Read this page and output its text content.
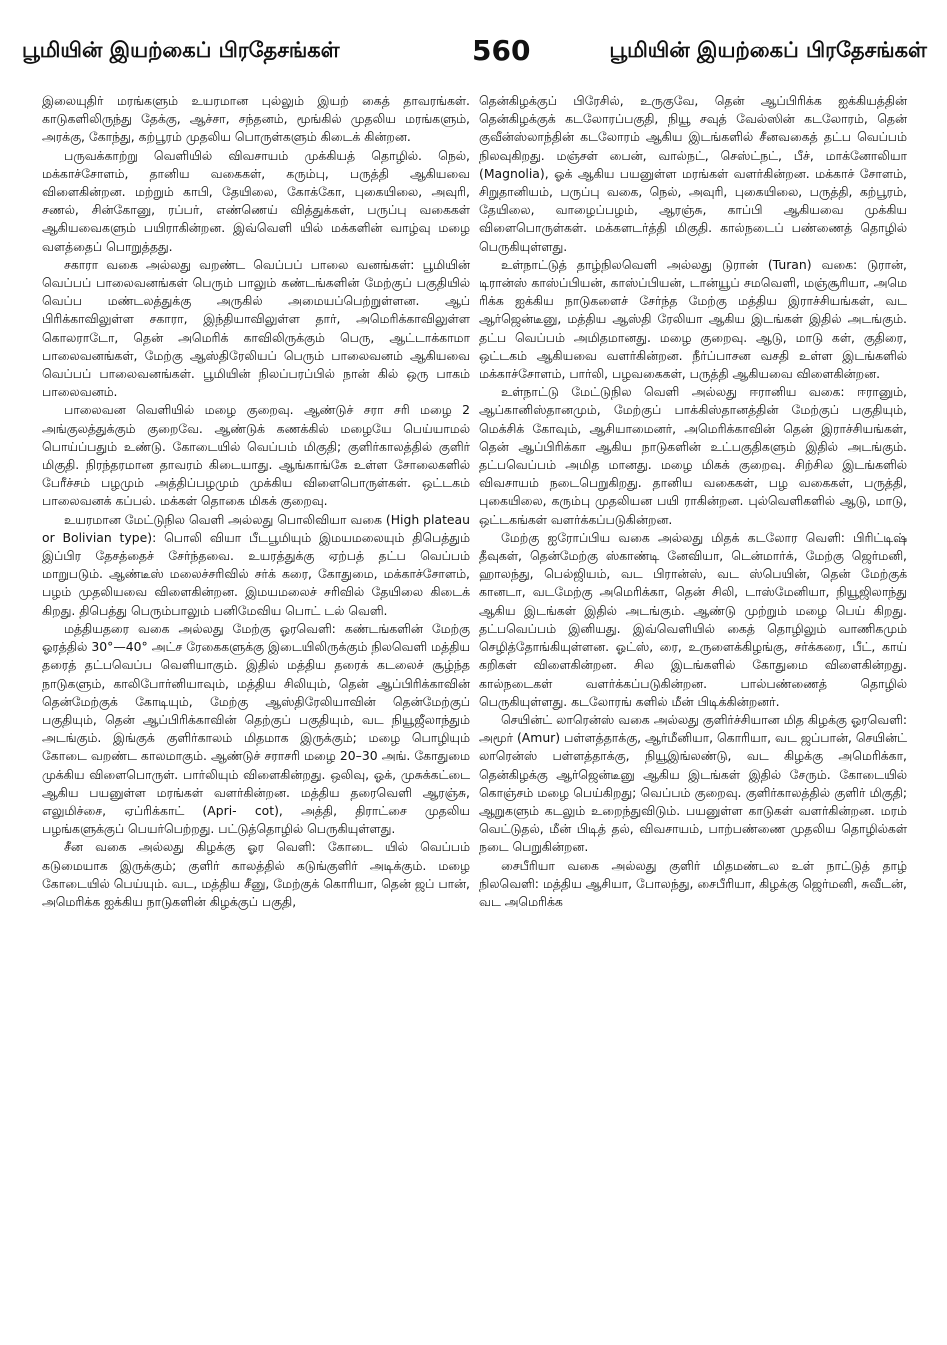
பூமியின் இயற்கைப் பிரதேசங்கள்	560	பூமியின் இயற்கைப் பிரதேசங்கள்

இலையுதிர் மரங்களும் உயரமான புல்லும் இயற் கைத் தாவரங்கள். காடுகளிலிருந்து தேக்கு, ஆச்சா, சந்தனம், மூங்கில் முதலிய மரங்களும், அரக்கு, கோந்து, கற்பூரம் முதலிய பொருள்களும் கிடைக் கின்றன.

பருவக்காற்று வெளியில் விவசாயம் முக்கியத் தொழில். நெல், மக்காச்சோளம், தானிய வகைகள், கரும்பு, பருத்தி ஆகியவை விளைகின்றன. மற்றும் காபி, தேயிலை, கோக்கோ, புகையிலை, அவுரி, சணல், சின்கோனு, ரப்பர், எண்ணெய் வித்துக்கள், பருப்பு வகைகள் ஆகியவைகளும் பயிராகின்றன. இவ்வெளி யில் மக்களின் வாழ்வு மழை வளத்தைப் பொறுத்தது.

சகாரா வகை அல்லது வறண்ட வெப்பப் பாலை வனங்கள்: பூமியின் வெப்பப் பாலைவனங்கள் பெரும் பாலும் கண்டங்களின் மேற்குப் பகுதியில் வெப்ப மண்டலத்துக்கு அருகில் அமையப்பெற்றுள்ளன. ஆப் பிரிக்காவிலுள்ள சகாரா, இந்தியாவிலுள்ள தார், அமெரிக்காவிலுள்ள கொலராடோ, தென் அமெரிக் காவிலிருக்கும் பெரு, ஆட்டாக்காமா பாலைவனங்கள், மேற்கு ஆஸ்திரேலியப் பெரும் பாலைவனம் ஆகியவை வெப்பப் பாலைவனங்கள். பூமியின் நிலப்பரப்பில் நான் கில் ஒரு பாகம் பாலைவனம்.

பாலைவன வெளியில் மழை குறைவு. ஆண்டுச் சரா சரி மழை 2 அங்குலத்துக்கும் குறைவே. ஆண்டுக் கணக்கில் மழையே பெய்யாமல் பொய்ப்பதும் உண்டு. கோடையில் வெப்பம் மிகுதி; குளிர்காலத்தில் குளிர் மிகுதி. நிரந்தரமான தாவரம் கிடையாது. ஆங்காங்கே உள்ள சோலைகளில் பேரீச்சம் பழமும் அத்திப்பழமும் முக்கிய விளைபொருள்கள். ஒட்டகம் பாலைவனக் கப்பல். மக்கள் தொகை மிகக் குறைவு.

உயரமான மேட்டுநில வெளி அல்லது பொலிவியா வகை (High plateau or Bolivian type): பொலி வியா பீடபூமியும் இமயமலையும் திபெத்தும் இப்பிர தேசத்தைச் சேர்ந்தவை. உயரத்துக்கு ஏற்பத் தட்ப வெப்பம் மாறுபடும். ஆண்டீஸ் மலைச்சரிவில் சர்க் கரை, கோதுமை, மக்காச்சோளம், பழம் முதலியவை விளைகின்றன. இமயமலைச் சரிவில் தேயிலை கிடைக் கிறது. திபெத்து பெரும்பாலும் பனிமேவிய பொட் டல் வெளி.

மத்தியதரை வகை அல்லது மேற்கு ஓரவெளி: கண்டங்களின் மேற்கு ஓரத்தில் 30°—40° அட்ச ரேகைகளுக்கு இடையிலிருக்கும் நிலவெளி மத்திய தரைத் தட்பவெப்ப வெளியாகும். இதில் மத்திய தரைக் கடலைச் சூழ்ந்த நாடுகளும், காலிபோர்னியாவும், மத்திய சிலியும், தென் ஆப்பிரிக்காவின் தென்மேற்குக் கோடியும், மேற்கு ஆஸ்திரேலியாவின் தென்மேற்குப் பகுதியும், தென் ஆப்பிரிக்காவின் தெற்குப் பகுதியும், வட நியூஜீலாந்தும் அடங்கும். இங்குக் குளிர்காலம் மிதமாக இருக்கும்; மழை பொழியும் கோடை வறண்ட காலமாகும். ஆண்டுச் சராசரி மழை 20–30 அங். கோதுமை முக்கிய விளைபொருள். பார்லியும் விளைகின்றது. ஒலிவு, ஓக், முசுக்கட்டை ஆகிய பயனுள்ள மரங்கள் வளர்கின்றன. மத்திய தரைவெளி ஆரஞ்சு, எலுமிச்சை, ஏப்ரிக்காட் (Apri- cot), அத்தி, திராட்சை முதலிய பழங்களுக்குப் பெயர்பெற்றது. பட்டுத்தொழில் பெருகியுள்ளது.

சீன வகை அல்லது கிழக்கு ஓர வெளி: கோடை யில் வெப்பம் கடுமையாக இருக்கும்; குளிர் காலத்தில் கடுங்குளிர் அடிக்கும். மழை கோடையில் பெய்யும். வட, மத்திய சீனு, மேற்குக் கொரியா, தென் ஜப் பான், அமெரிக்க ஐக்கிய நாடுகளின் கிழக்குப் பகுதி,

தென்கிழக்குப் பிரேசில், உருகுவே, தென் ஆப்பிரிக்க ஐக்கியத்தின் தென்கிழக்குக் கடலோரப்பகுதி, நியூ சவுத் வேல்ஸின் கடலோரம், தென் குவீன்ஸ்லாந்தின் கடலோரம் ஆகிய இடங்களில் சீனவகைத் தட்ப வெப்பம் நிலவுகிறது. மஞ்சள் பைன், வால்நட், செஸ்ட்நட், பீச், மாக்னோலியா (Magnolia), ஓக் ஆகிய பயனுள்ள மரங்கள் வளர்கின்றன. மக்காச் சோளம், சிறுதானியம், பருப்பு வகை, நெல், அவுரி, புகையிலை, பருத்தி, கற்பூரம், தேயிலை, வாழைப்பழம், ஆரஞ்சு, காப்பி ஆகியவை முக்கிய விளைபொருள்கள். மக்களடர்த்தி மிகுதி. கால்நடைப் பண்ணைத் தொழில் பெருகியுள்ளது.

உள்நாட்டுத் தாழ்நிலவெளி அல்லது டுரான் (Turan) வகை: டுரான், டிரான்ஸ் காஸ்ப்பியன், காஸ்ப்பியன், டான்யூப் சமவெளி, மஞ்சூரியா, அமெ ரிக்க ஐக்கிய நாடுகளைச் சேர்ந்த மேற்கு மத்திய இராச்சியங்கள், வட ஆர்ஜென்டீனு, மத்திய ஆஸ்தி ரேலியா ஆகிய இடங்கள் இதில் அடங்கும். தட்ப வெப்பம் அமிதமானது. மழை குறைவு. ஆடு, மாடு கள், குதிரை, ஒட்டகம் ஆகியவை வளர்கின்றன. நீர்ப்பாசன வசதி உள்ள இடங்களில் மக்காச்சோளம், பார்லி, பழவகைகள், பருத்தி ஆகியவை விளைகின்றன.

உள்நாட்டு மேட்டுநில வெளி அல்லது ஈரானிய வகை: ஈரானும், ஆப்கானிஸ்தானமும், மேற்குப் பாக்கிஸ்தானத்தின் மேற்குப் பகுதியும், மெக்சிக் கோவும், ஆசியாமைனர், அமெரிக்காவின் தென் இராச்சியங்கள், தென் ஆப்பிரிக்கா ஆகிய நாடுகளின் உட்பகுதிகளும் இதில் அடங்கும். தட்பவெப்பம் அமித மானது. மழை மிகக் குறைவு. சிற்சில இடங்களில் விவசாயம் நடைபெறுகிறது. தானிய வகைகள், பழ வகைகள், பருத்தி, புகையிலை, கரும்பு முதலியன பயி ராகின்றன. புல்வெளிகளில் ஆடு, மாடு, ஒட்டகங்கள் வளர்க்கப்படுகின்றன.

மேற்கு ஐரோப்பிய வகை அல்லது மிதக் கடலோர வெளி: பிரிட்டிஷ் தீவுகள், தென்மேற்கு ஸ்காண்டி னேவியா, டென்மார்க், மேற்கு ஜெர்மனி, ஹாலந்து, பெல்ஜியம், வட பிரான்ஸ், வட ஸ்பெயின், தென் மேற்குக் கானடா, வடமேற்கு அமெரிக்கா, தென் சிலி, டாஸ்மேனியா, நியூஜிலாந்து ஆகிய இடங்கள் இதில் அடங்கும். ஆண்டு முற்றும் மழை பெய் கிறது. தட்பவெப்பம் இனியது. இவ்வெளியில் கைத் தொழிலும் வாணிகமும் செழித்தோங்கியுள்ளன. ஓட்ஸ், ரை, உருளைக்கிழங்கு, சர்க்கரை, பீட், காய் கறிகள் விளைகின்றன. சில இடங்களில் கோதுமை விளைகின்றது. கால்நடைகள் வளர்க்கப்படுகின்றன. பால்பண்ணைத் தொழில் பெருகியுள்ளது. கடலோரங் களில் மீன் பிடிக்கின்றனர்.

செயின்ட் லாரென்ஸ் வகை அல்லது குளிர்ச்சியான மித கிழக்கு ஓரவெளி: அமூர் (Amur) பள்ளத்தாக்கு, ஆர்மீனியா, கொரியா, வட ஜப்பான், செயின்ட் லாரென்ஸ் பள்ளத்தாக்கு, நியூஇங்லண்டு, வட கிழக்கு அமெரிக்கா, தென்கிழக்கு ஆர்ஜென்டீனு ஆகிய இடங்கள் இதில் சேரும். கோடையில் கொஞ்சம் மழை பெய்கிறது; வெப்பம் குறைவு. குளிர்காலத்தில் குளிர் மிகுதி; ஆறுகளும் கடலும் உறைந்துவிடும். பயனுள்ள காடுகள் வளர்கின்றன. மரம் வெட்டுதல், மீன் பிடித் தல், விவசாயம், பாற்பண்ணை முதலிய தொழில்கள் நடை பெறுகின்றன.

சைபீரியா வகை அல்லது குளிர் மிதமண்டல உள் நாட்டுத் தாழ் நிலவெளி: மத்திய ஆசியா, போலந்து, சைபீரியா, கிழக்கு ஜெர்மனி, சுவீடன், வட அமெரிக்க
